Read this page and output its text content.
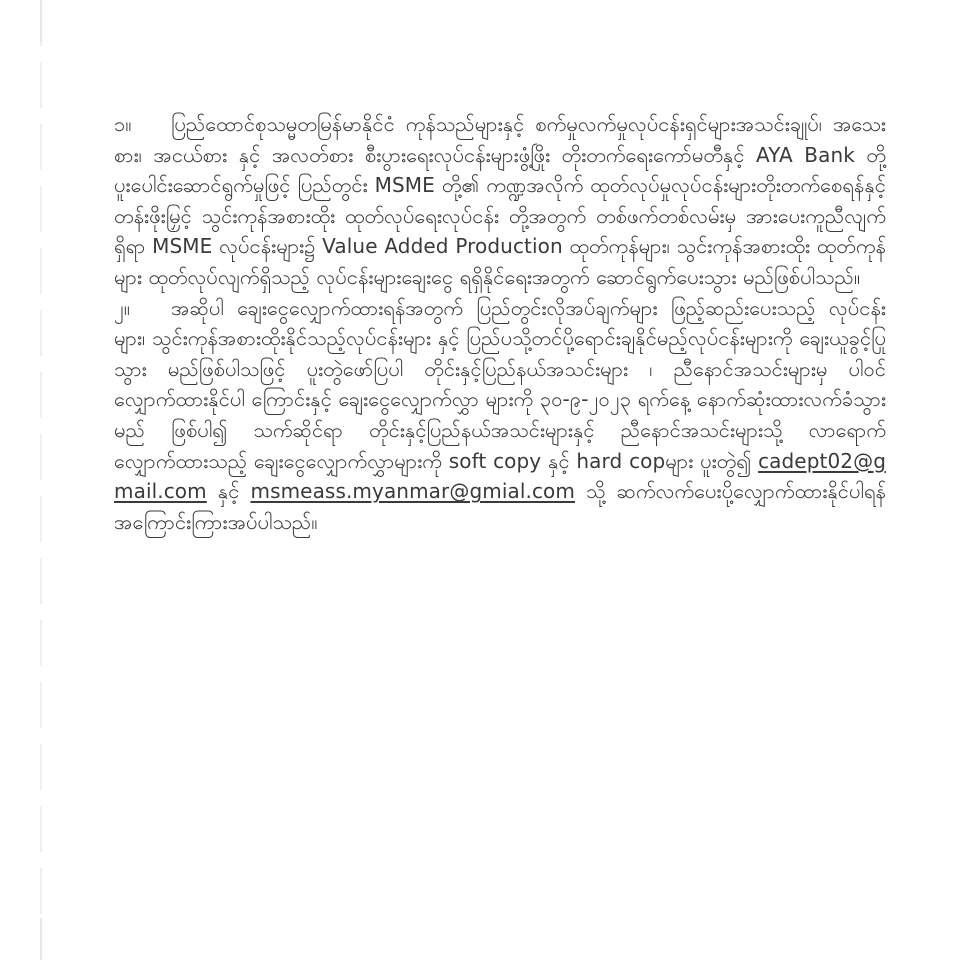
၁။ ပြည်ထောင်စုသမ္မတမြန်မာနိုင်ငံ ကုန်သည်များနှင့် စက်မှုလက်မှုလုပ်ငန်းရှင်များအသင်းချုပ်၊ အသေးစား၊ အငယ်စား နှင့် အလတ်စား စီးပွားရေးလုပ်ငန်းများဖွံ့ဖြိုး တိုးတက်ရေးကော်မတီနှင့် AYA Bank တို့ ပူးပေါင်းဆောင်ရွက်မှုဖြင့် ပြည်တွင်း MSME တို့၏ ကဏ္ဍအလိုက် ထုတ်လုပ်မှုလုပ်ငန်းများတိုးတက်စေရန်နှင့် တန်းဖိုးမြှင့် သွင်းကုန်အစားထိုး ထုတ်လုပ်ရေးလုပ်ငန်း တို့အတွက် တစ်ဖက်တစ်လမ်းမှ အားပေးကူညီလျက် ရှိရာ MSME လုပ်ငန်းများ၌ Value Added Production ထုတ်ကုန်များ၊ သွင်းကုန်အစားထိုး ထုတ်ကုန်များ ထုတ်လုပ်လျက်ရှိသည့် လုပ်ငန်းများချေးငွေ ရရှိနိုင်ရေးအတွက် ဆောင်ရွက်ပေးသွား မည်ဖြစ်ပါသည်။

၂။ အဆိုပါ ချေးငွေလျှောက်ထားရန်အတွက် ပြည်တွင်းလိုအပ်ချက်များ ဖြည့်ဆည်းပေးသည့် လုပ်ငန်းများ၊ သွင်းကုန်အစားထိုးနိုင်သည့်လုပ်ငန်းများ နှင့် ပြည်ပသို့တင်ပို့ရောင်းချနိုင်မည့်လုပ်ငန်းများကို ချေးယူခွင့်ပြုသွား မည်ဖြစ်ပါသဖြင့် ပူးတွဲဖော်ပြပါ တိုင်းနှင့်ပြည်နယ်အသင်းများ ၊ ညီနောင်အသင်းများမှ ပါဝင်လျှောက်ထားနိုင်ပါ ကြောင်းနှင့် ချေးငွေလျှောက်လွှာ များကို ၃၀-၉-၂၀၂၃ ရက်နေ့ နောက်ဆုံးထားလက်ခံသွားမည် ဖြစ်ပါ၍ သက်ဆိုင်ရာ တိုင်းနှင့်ပြည်နယ်အသင်းများနှင့် ညီနောင်အသင်းများသို့ လာရောက် လျှောက်ထားသည့် ချေးငွေလျှောက်လွှာများကို soft copy နှင့် hard copများ ပူးတွဲ၍ cadept02@gmail.com နှင့် msmeass.myanmar@gmial.com သို့ ဆက်လက်ပေးပို့လျှောက်ထားနိုင်ပါရန် အကြောင်းကြားအပ်ပါသည်။
